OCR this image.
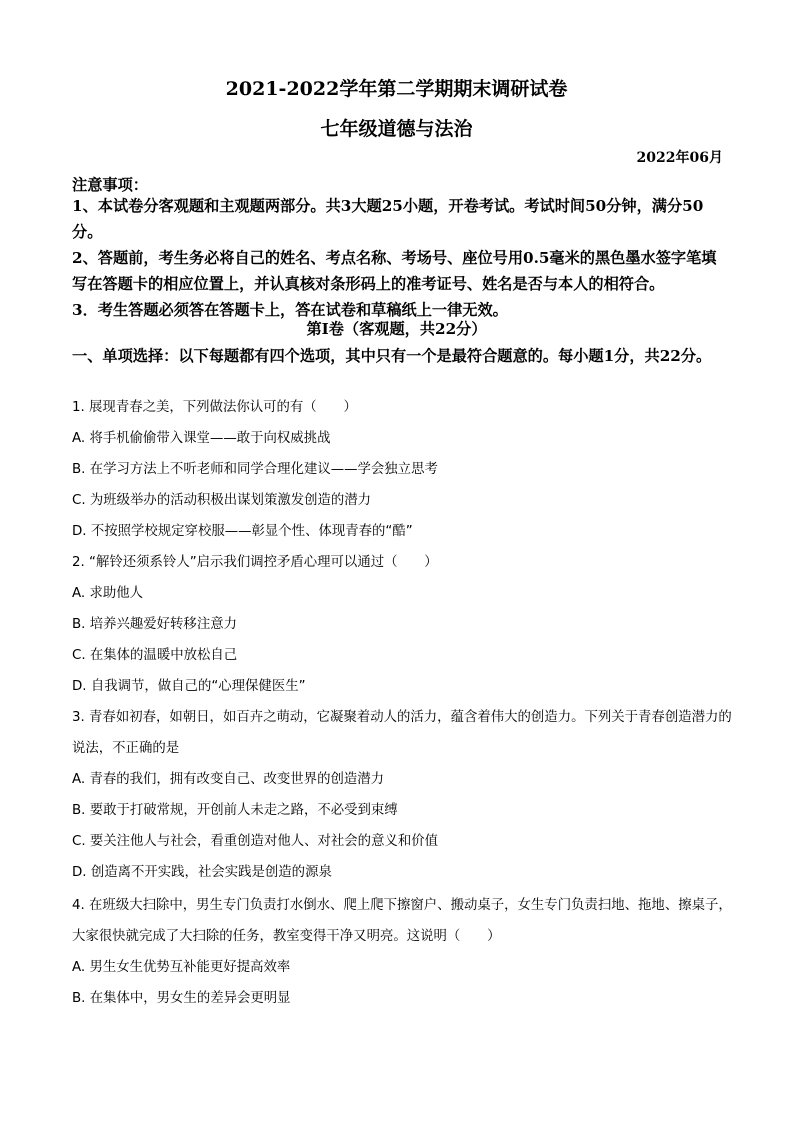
2021-2022学年第二学期期末调研试卷
七年级道德与法治
2022年06月
注意事项：

1、本试卷分客观题和主观题两部分。共3大题25小题，开卷考试。考试时间50分钟，满分50分。

2、答题前，考生务必将自己的姓名、考点名称、考场号、座位号用0.5毫米的黑色墨水签字笔填写在答题卡的相应位置上，并认真核对条形码上的准考证号、姓名是否与本人的相符合。

3．考生答题必须答在答题卡上，答在试卷和草稿纸上一律无效。

第I卷（客观题，共22分）
一、单项选择：以下每题都有四个选项，其中只有一个是最符合题意的。每小题1分，共22分。
1. 展现青春之美，下列做法你认可的有（　　）
A. 将手机偷偷带入课堂——敢于向权威挑战
B. 在学习方法上不听老师和同学合理化建议——学会独立思考
C. 为班级举办的活动积极出谋划策激发创造的潜力
D. 不按照学校规定穿校服——彰显个性、体现青春的“酷”
2. “解铃还须系铃人”启示我们调控矛盾心理可以通过（　　）
A. 求助他人
B. 培养兴趣爱好转移注意力
C. 在集体的温暖中放松自己
D. 自我调节，做自己的“心理保健医生”
3. 青春如初春，如朝日，如百卉之萌动，它凝聚着动人的活力，蕴含着伟大的创造力。下列关于青春创造潜力的说法，不正确的是
A. 青春的我们，拥有改变自己、改变世界的创造潜力
B. 要敢于打破常规，开创前人未走之路，不必受到束缚
C. 要关注他人与社会，看重创造对他人、对社会的意义和价值
D. 创造离不开实践，社会实践是创造的源泉
4. 在班级大扫除中，男生专门负责打水倒水、爬上爬下擦窗户、搬动桌子，女生专门负责扫地、拖地、擦桌子，大家很快就完成了大扫除的任务，教室变得干净又明亮。这说明（　　）
A. 男生女生优势互补能更好提高效率
B. 在集体中，男女生的差异会更明显
